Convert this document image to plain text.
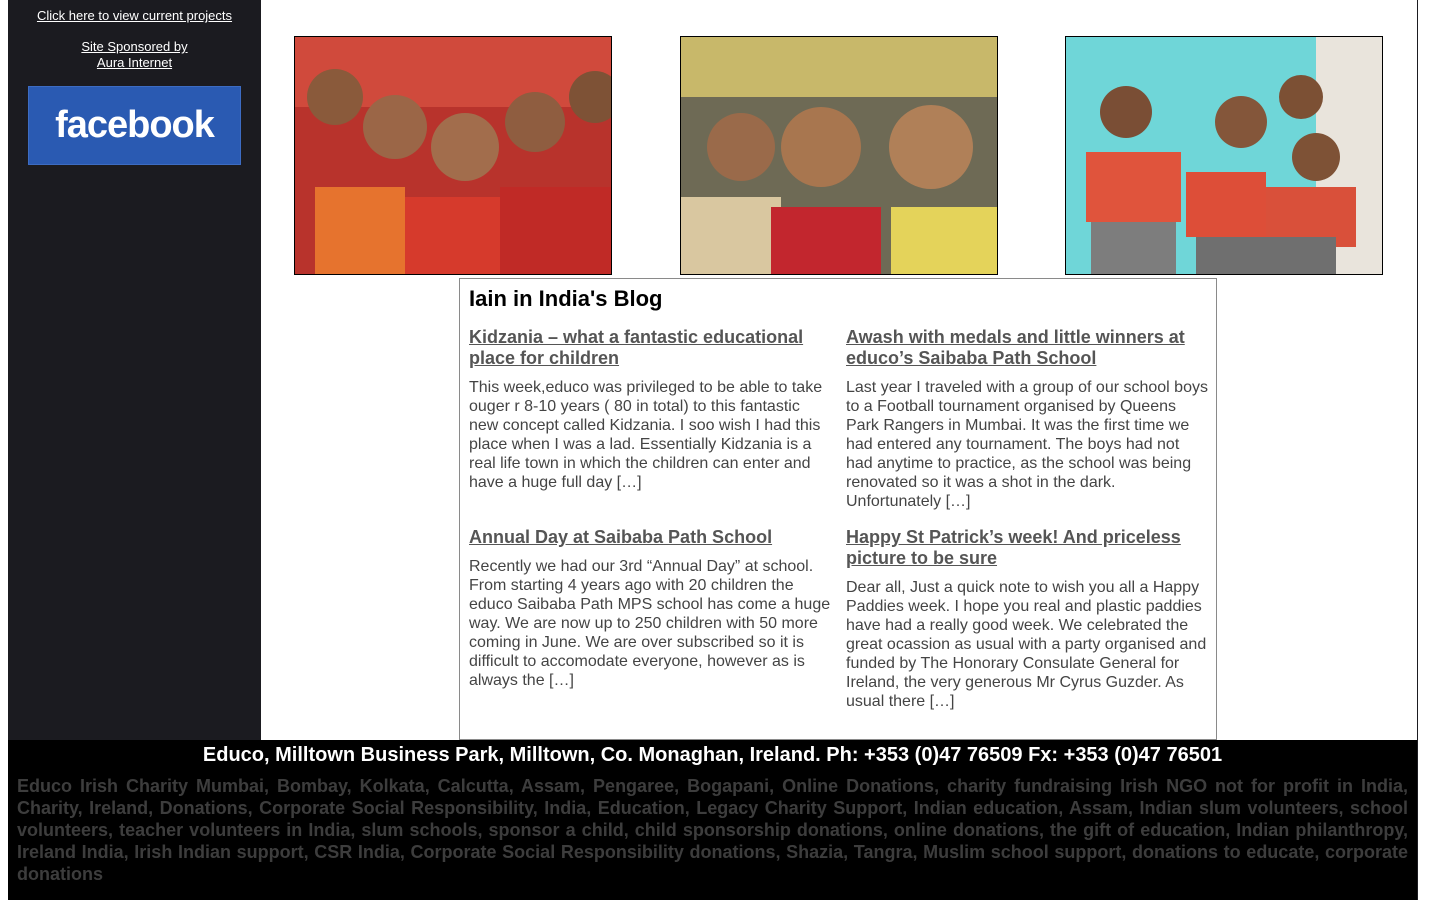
Click here to view current projects
Site Sponsored by
Aura Internet
facebook
Iain in India's Blog
Kidzania – what a fantastic educational place for children
This week,educo was privileged to be able to take ouger r 8-10 years ( 80 in total) to this fantastic new concept called Kidzania. I soo wish I had this place when I was a lad. Essentially Kidzania is a real life town in which the children can enter and have a huge full day […]
Awash with medals and little winners at educo’s Saibaba Path School
Last year I traveled with a group of our school boys to a Football tournament organised by Queens Park Rangers in Mumbai. It was the first time we had entered any tournament. The boys had not had anytime to practice, as the school was being renovated so it was a shot in the dark. Unfortunately […]
Annual Day at Saibaba Path School
Recently we had our 3rd “Annual Day” at school. From starting 4 years ago with 20 children the educo Saibaba Path MPS school has come a huge way. We are now up to 250 children with 50 more coming in June. We are over subscribed so it is difficult to accomodate everyone, however as is always the […]
Happy St Patrick’s week! And priceless picture to be sure
Dear all, Just a quick note to wish you all a Happy Paddies week. I hope you real and plastic paddies have had a really good week. We celebrated the great ocassion as usual with a party organised and funded by The Honorary Consulate General for Ireland, the very generous Mr Cyrus Guzder. As usual there […]
Educo, Milltown Business Park, Milltown, Co. Monaghan, Ireland. Ph: +353 (0)47 76509 Fx: +353 (0)47 76501
Educo Irish Charity Mumbai, Bombay, Kolkata, Calcutta, Assam, Pengaree, Bogapani, Online Donations, charity fundraising Irish NGO not for profit in India, Charity, Ireland, Donations, Corporate Social Responsibility, India, Education, Legacy Charity Support, Indian education, Assam, Indian slum volunteers, school volunteers, teacher volunteers in India, slum schools, sponsor a child, child sponsorship donations, online donations, the gift of education, Indian philanthropy, Ireland India, Irish Indian support, CSR India, Corporate Social Responsibility donations, Shazia, Tangra, Muslim school support, donations to educate, corporate donations
